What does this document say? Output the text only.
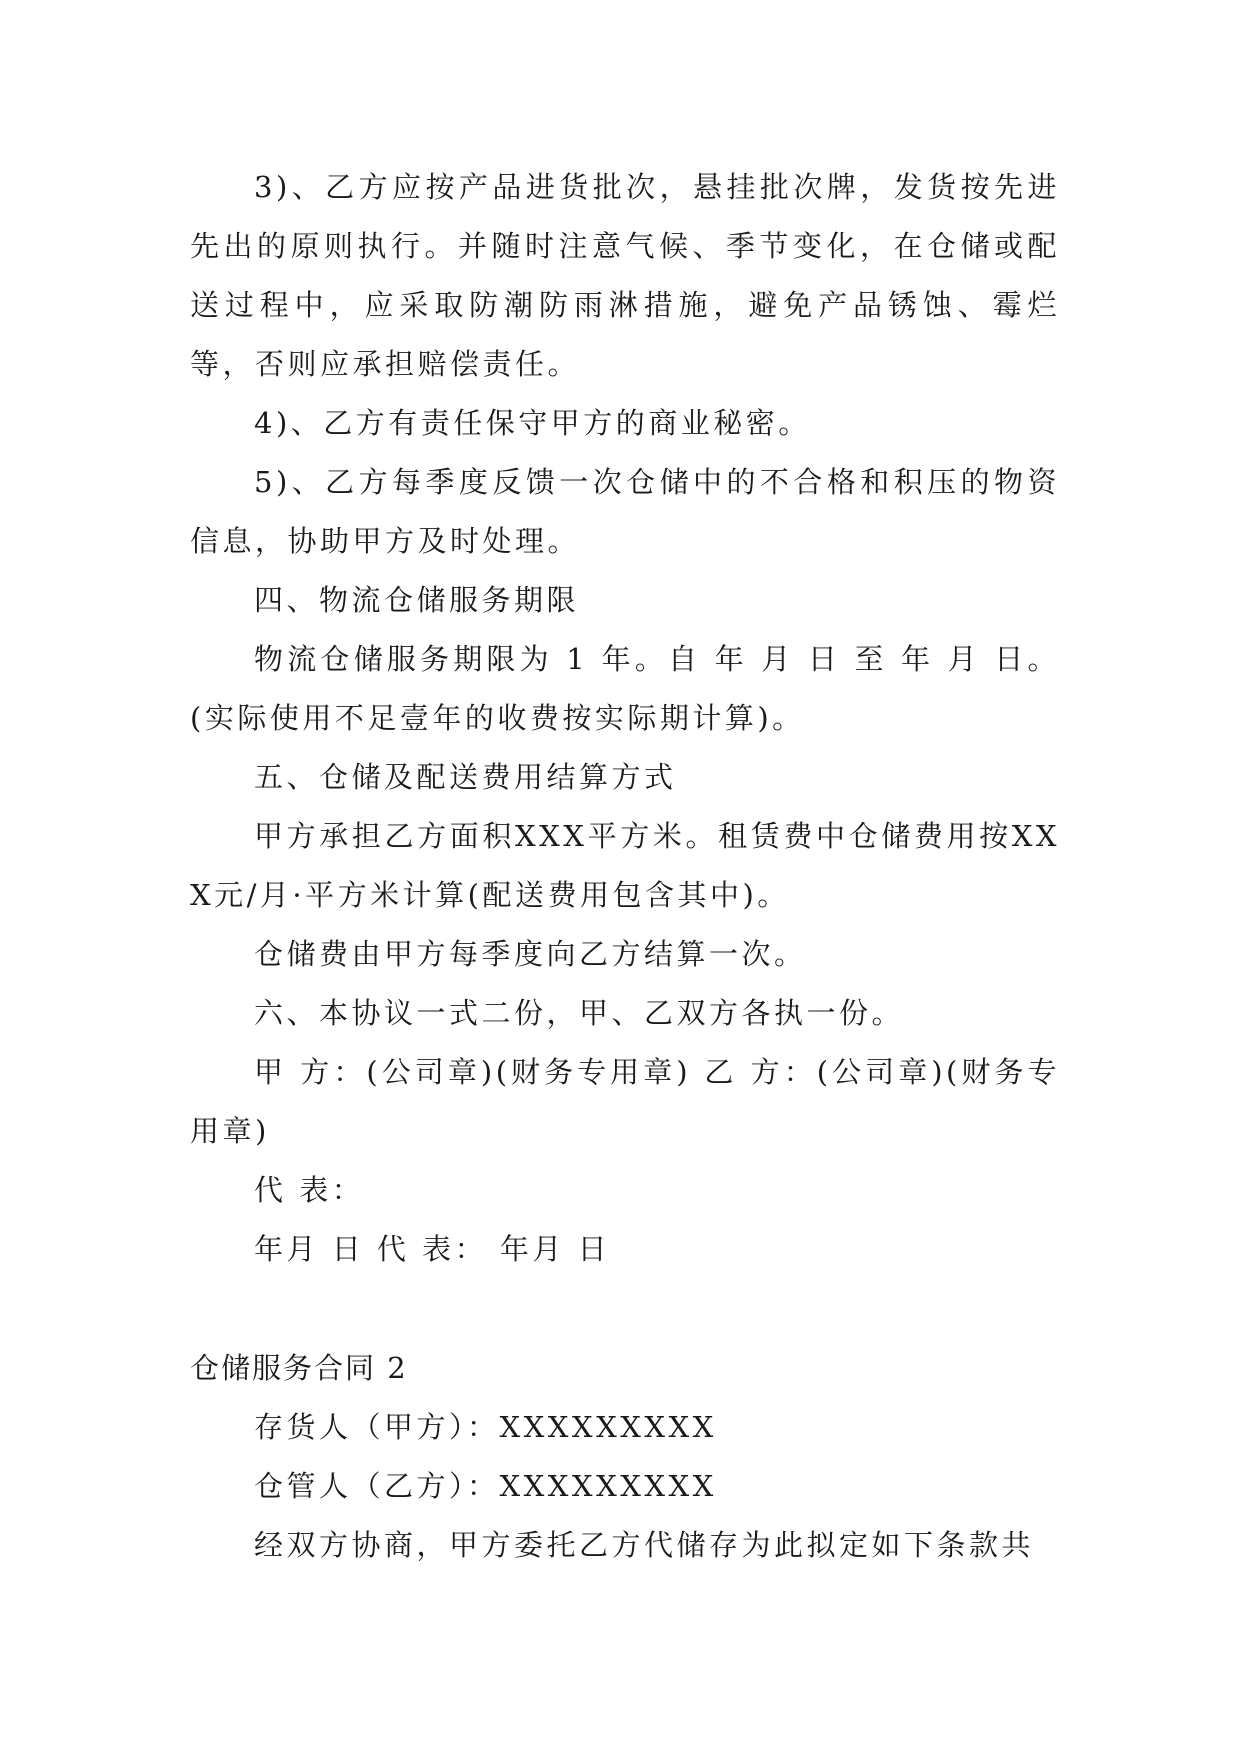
3)、乙方应按产品进货批次，悬挂批次牌，发货按先进先出的原则执行。并随时注意气候、季节变化，在仓储或配送过程中，应采取防潮防雨淋措施，避免产品锈蚀、霉烂等，否则应承担赔偿责任。

4)、乙方有责任保守甲方的商业秘密。

5)、乙方每季度反馈一次仓储中的不合格和积压的物资信息，协助甲方及时处理。

四、物流仓储服务期限

物流仓储服务期限为 1 年。自 年 月 日 至 年 月 日。(实际使用不足壹年的收费按实际期计算)。

五、仓储及配送费用结算方式

甲方承担乙方面积XXX平方米。租赁费中仓储费用按XXX元/月·平方米计算(配送费用包含其中)。

仓储费由甲方每季度向乙方结算一次。

六、本协议一式二份，甲、乙双方各执一份。

甲 方：(公司章)(财务专用章) 乙 方：(公司章)(财务专用章)

代 表：

年月 日 代 表： 年月 日

仓储服务合同 2

存货人（甲方）：XXXXXXXXX

仓管人（乙方）：XXXXXXXXX

经双方协商，甲方委托乙方代储存为此拟定如下条款共
